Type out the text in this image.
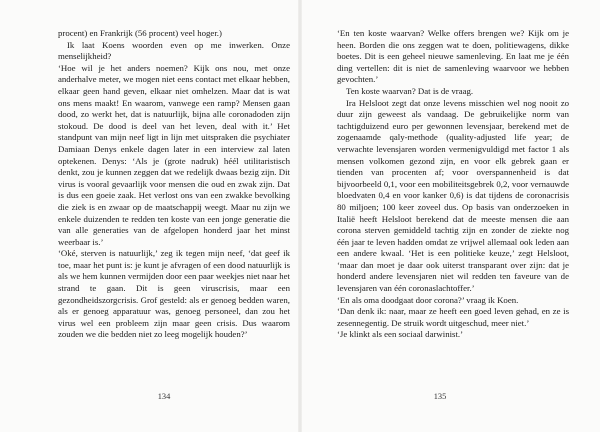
procent) en Frankrijk (56 procent) veel hoger.)

Ik laat Koens woorden even op me inwerken. Onze menselijkheid?

‘Hoe wil je het anders noemen? Kijk ons nou, met onze anderhalve meter, we mogen niet eens contact met elkaar hebben, elkaar geen hand geven, elkaar niet omhelzen. Maar dat is wat ons mens maakt! En waarom, vanwege een ramp? Mensen gaan dood, zo werkt het, dat is natuurlijk, bijna alle coronadoden zijn stokoud. De dood is deel van het leven, deal with it.’ Het standpunt van mijn neef ligt in lijn met uitspraken die psychiater Damiaan Denys enkele dagen later in een interview zal laten optekenen. Denys: ‘Als je (grote nadruk) héél utilitaristisch denkt, zou je kunnen zeggen dat we redelijk dwaas bezig zijn. Dit virus is vooral gevaarlijk voor mensen die oud en zwak zijn. Dat is dus een goeie zaak. Het verlost ons van een zwakke bevolking die ziek is en zwaar op de maatschappij weegt. Maar nu zijn we enkele duizenden te redden ten koste van een jonge generatie die van alle generaties van de afgelopen honderd jaar het minst weerbaar is.’

‘Oké, sterven is natuurlijk,’ zeg ik tegen mijn neef, ‘dat geef ik toe, maar het punt is: je kunt je afvragen of een dood natuurlijk is als we hem kunnen vermijden door een paar weekjes niet naar het strand te gaan. Dit is geen viruscrisis, maar een gezondheidszorgcrisis. Grof gesteld: als er genoeg bedden waren, als er genoeg apparatuur was, genoeg personeel, dan zou het virus wel een probleem zijn maar geen crisis. Dus waarom zouden we die bedden niet zo leeg mogelijk houden?’

134

‘En ten koste waarvan? Welke offers brengen we? Kijk om je heen. Borden die ons zeggen wat te doen, politiewagens, dikke boetes. Dit is een geheel nieuwe samenleving. En laat me je één ding vertellen: dit is niet de samenleving waarvoor we hebben gevochten.’

Ten koste waarvan? Dat is de vraag.

Ira Helsloot zegt dat onze levens misschien wel nog nooit zo duur zijn geweest als vandaag. De gebruikelijke norm van tachtigduizend euro per gewonnen levensjaar, berekend met de zogenaamde qaly-methode (quality-adjusted life year; de verwachte levensjaren worden vermenigvuldigd met factor 1 als mensen volkomen gezond zijn, en voor elk gebrek gaan er tienden van procenten af; voor overspannenheid is dat bijvoorbeeld 0,1, voor een mobiliteitsgebrek 0,2, voor vernauwde bloedvaten 0,4 en voor kanker 0,6) is dat tijdens de coronacrisis 80 miljoen; 100 keer zoveel dus. Op basis van onderzoeken in Italië heeft Helsloot berekend dat de meeste mensen die aan corona sterven gemiddeld tachtig zijn en zonder de ziekte nog één jaar te leven hadden omdat ze vrijwel allemaal ook leden aan een andere kwaal. ‘Het is een politieke keuze,’ zegt Helsloot, ‘maar dan moet je daar ook uiterst transparant over zijn: dat je honderd andere levensjaren niet wil redden ten faveure van de levensjaren van één coronaslachtoffer.’

‘En als oma doodgaat door corona?’ vraag ik Koen.

‘Dan denk ik: naar, maar ze heeft een goed leven gehad, en ze is zesennegentig. De struik wordt uitgeschud, meer niet.’

‘Je klinkt als een sociaal darwinist.’

135
